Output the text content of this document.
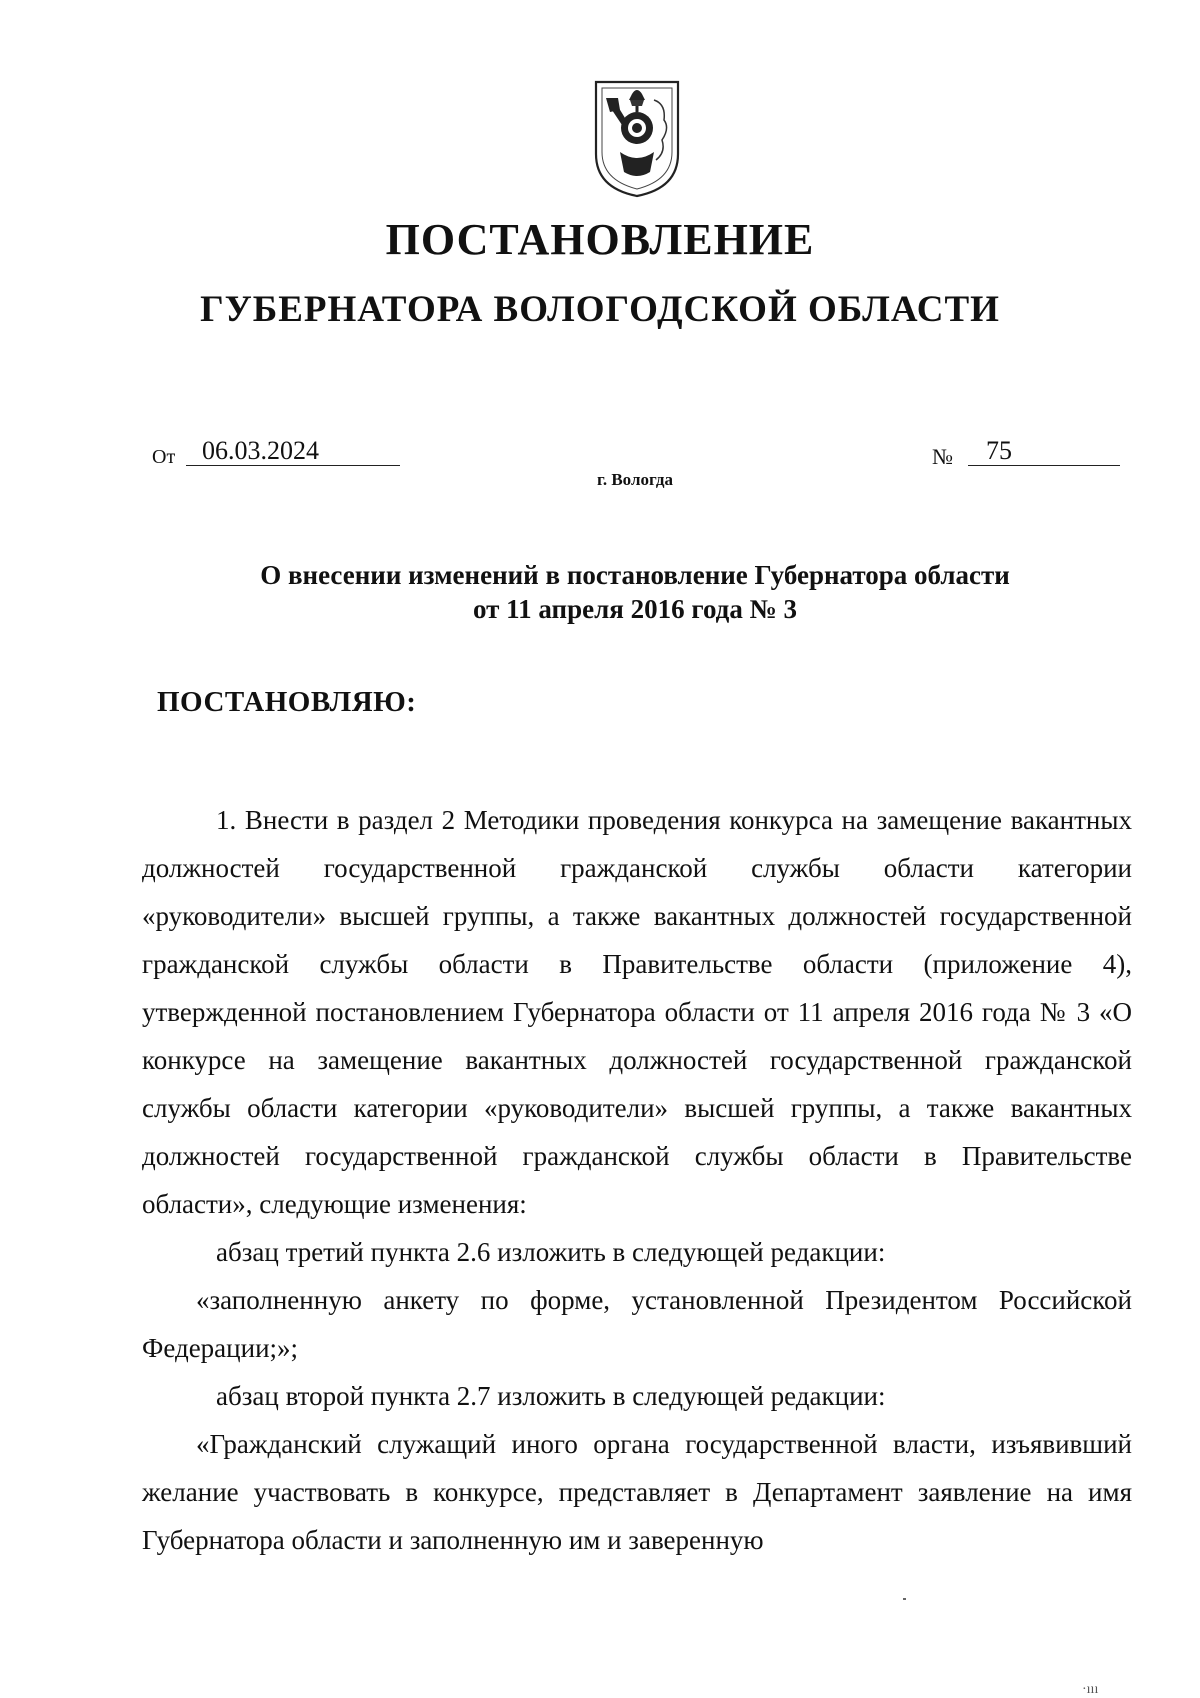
ПОСТАНОВЛЕНИЕ
ГУБЕРНАТОРА ВОЛОГОДСКОЙ ОБЛАСТИ
От	06.03.2024	№	75
г. Вологда
О внесении изменений в постановление Губернатора области
от 11 апреля 2016 года № 3
ПОСТАНОВЛЯЮ:

1. Внести в раздел 2 Методики проведения конкурса на замещение вакантных должностей государственной гражданской службы области категории «руководители» высшей группы, а также вакантных должностей государственной гражданской службы области в Правительстве области (приложение 4), утвержденной постановлением Губернатора области от 11 апреля 2016 года № 3 «О конкурсе на замещение вакантных должностей государственной гражданской службы области категории «руководители» высшей группы, а также вакантных должностей государственной гражданской службы области в Правительстве области», следующие изменения:

абзац третий пункта 2.6 изложить в следующей редакции:

«заполненную анкету по форме, установленной Президентом Российской Федерации;»;

абзац второй пункта 2.7 изложить в следующей редакции:

«Гражданский служащий иного органа государственной власти, изъявивший желание участвовать в конкурсе, представляет в Департамент заявление на имя Губернатора области и заполненную им и заверенную

·ııı
